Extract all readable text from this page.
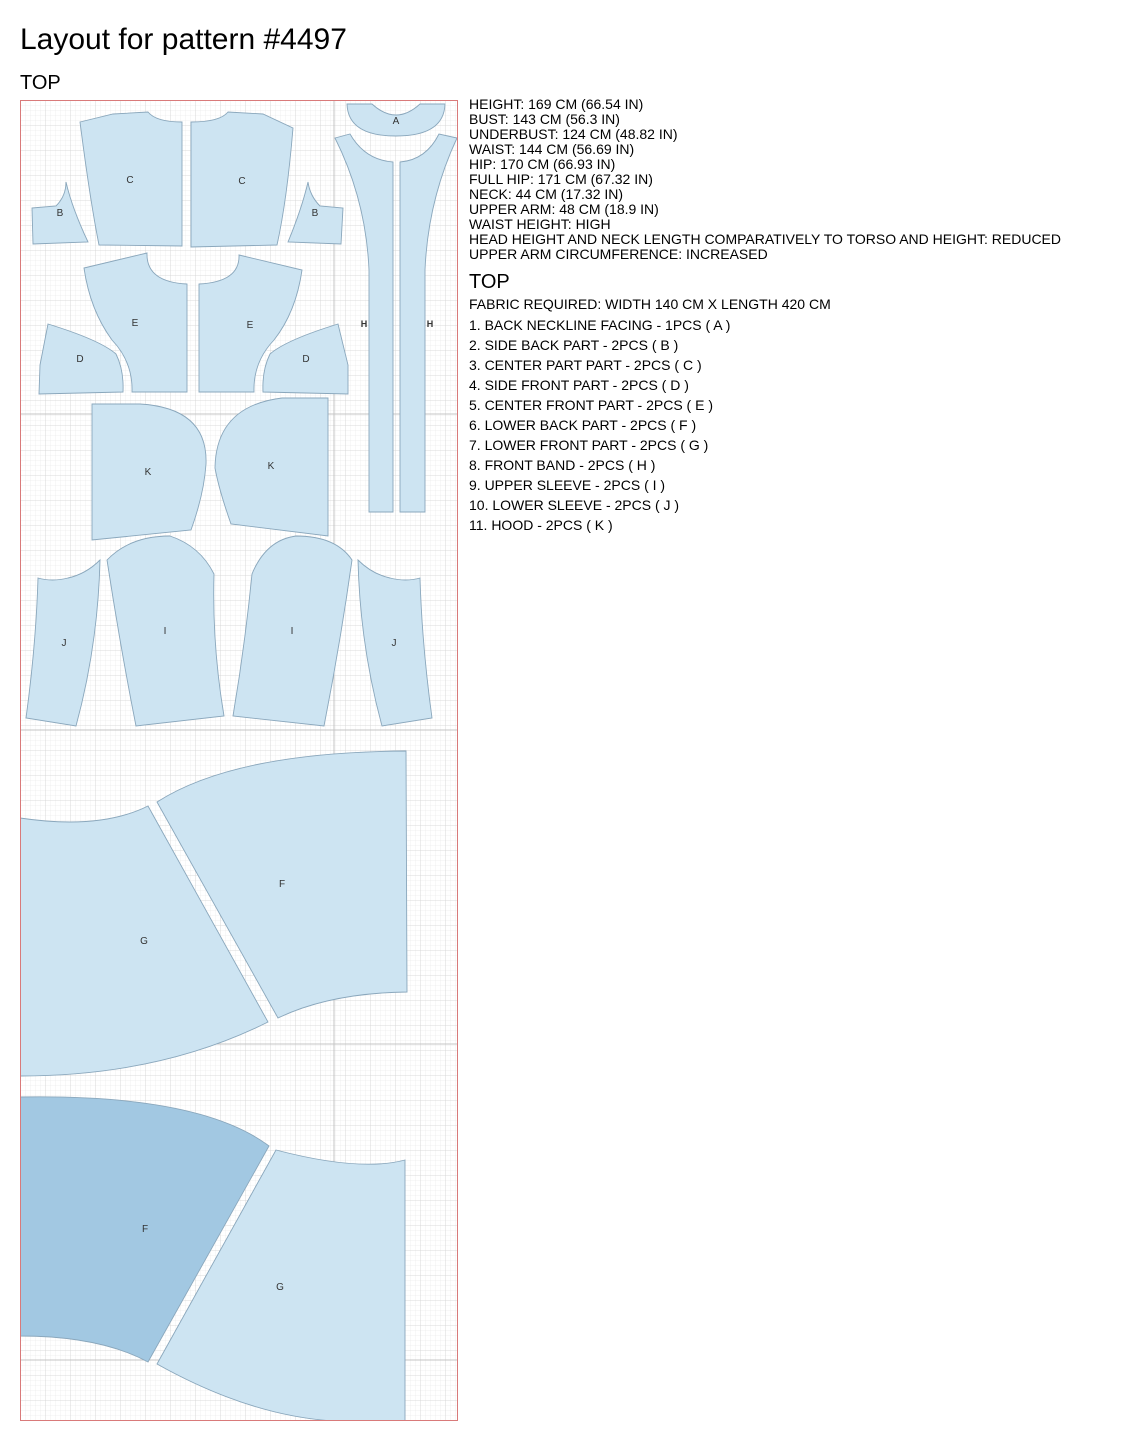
Layout for pattern #4497
TOP
A
H	H
C	C
B	B
E	E
D	D
K
K
J	J
I	I
F
G
F
G
HEIGHT: 169 CM (66.54 IN)
BUST: 143 CM (56.3 IN)
UNDERBUST: 124 CM (48.82 IN)
WAIST: 144 CM (56.69 IN)
HIP: 170 CM (66.93 IN)
FULL HIP: 171 CM (67.32 IN)
NECK: 44 CM (17.32 IN)
UPPER ARM: 48 CM (18.9 IN)
WAIST HEIGHT: HIGH
HEAD HEIGHT AND NECK LENGTH COMPARATIVELY TO TORSO AND HEIGHT: REDUCED
UPPER ARM CIRCUMFERENCE: INCREASED
TOP
FABRIC REQUIRED: WIDTH 140 CM X LENGTH 420 CM
1. BACK NECKLINE FACING - 1PCS ( A )
2. SIDE BACK PART - 2PCS ( B )
3. CENTER PART PART - 2PCS ( C )
4. SIDE FRONT PART - 2PCS ( D )
5. CENTER FRONT PART - 2PCS ( E )
6. LOWER BACK PART - 2PCS ( F )
7. LOWER FRONT PART - 2PCS ( G )
8. FRONT BAND - 2PCS ( H )
9. UPPER SLEEVE - 2PCS ( I )
10. LOWER SLEEVE - 2PCS ( J )
11. HOOD - 2PCS ( K )
